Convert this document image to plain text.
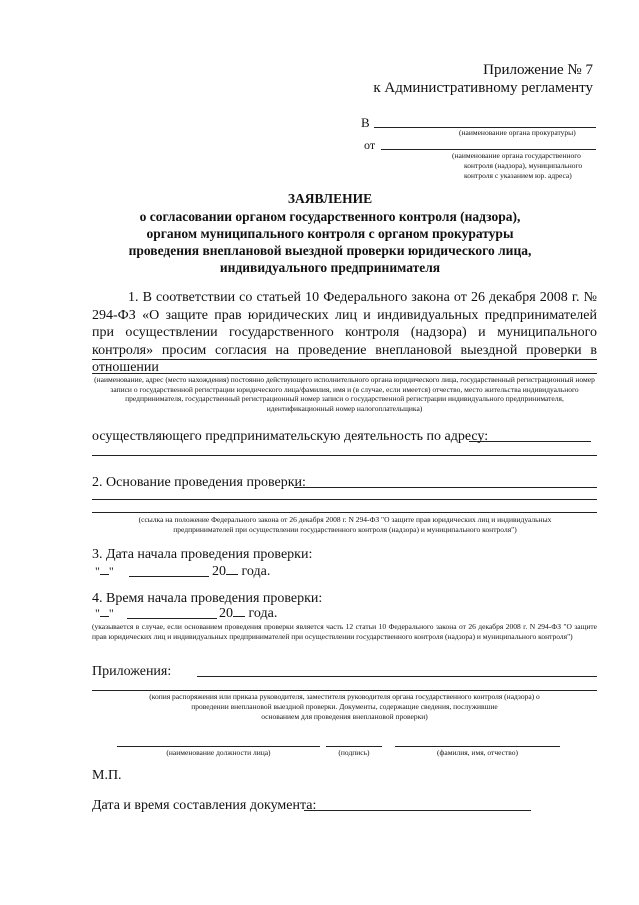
Приложение № 7
к Административному регламенту
В
(наименование органа прокуратуры)
от
(наименование органа государственного
контроля (надзора), муниципального
контроля с указанием юр. адреса)
ЗАЯВЛЕНИЕ
о согласовании органом государственного контроля (надзора),
органом муниципального контроля с органом прокуратуры
проведения внеплановой выездной проверки юридического лица,
индивидуального предпринимателя
1. В соответствии со статьей 10 Федерального закона от 26 декабря 2008 г. № 294-ФЗ «О защите прав юридических лиц и индивидуальных предпринимателей при осуществлении государственного контроля (надзора) и муниципального контроля» просим согласия на проведение внеплановой выездной проверки в отношении
(наименование, адрес (место нахождения) постоянно действующего исполнительного органа юридического лица, государственный регистрационный номер записи о государственной регистрации юридического лица/фамилия, имя и (в случае, если имеется) отчество, место жительства индивидуального предпринимателя, государственный регистрационный номер записи о государственной регистрации индивидуального предпринимателя, идентификационный номер налогоплательщика)
осуществляющего предпринимательскую деятельность по адресу:
2. Основание проведения проверки:
(ссылка на положение Федерального закона от 26 декабря 2008 г. N 294-ФЗ "О защите прав юридических лиц и индивидуальных предпринимателей при осуществлении государственного контроля (надзора) и муниципального контроля")
3. Дата начала проведения проверки:
" "	20 года.
4. Время начала проведения проверки:
" "	20 года.
(указывается в случае, если основанием проведения проверки является часть 12 статьи 10 Федерального закона от 26 декабря 2008 г. N 294-ФЗ "О защите прав юридических лиц и индивидуальных предпринимателей при осуществлении государственного контроля (надзора) и муниципального контроля")
Приложения:
(копия распоряжения или приказа руководителя, заместителя руководителя органа государственного контроля (надзора) о
проведении внеплановой выездной проверки. Документы, содержащие сведения, послужившие
основанием для проведения внеплановой проверки)
(наименование должности лица)	(подпись)	(фамилия, имя, отчество)
М.П.
Дата и время составления документа:
